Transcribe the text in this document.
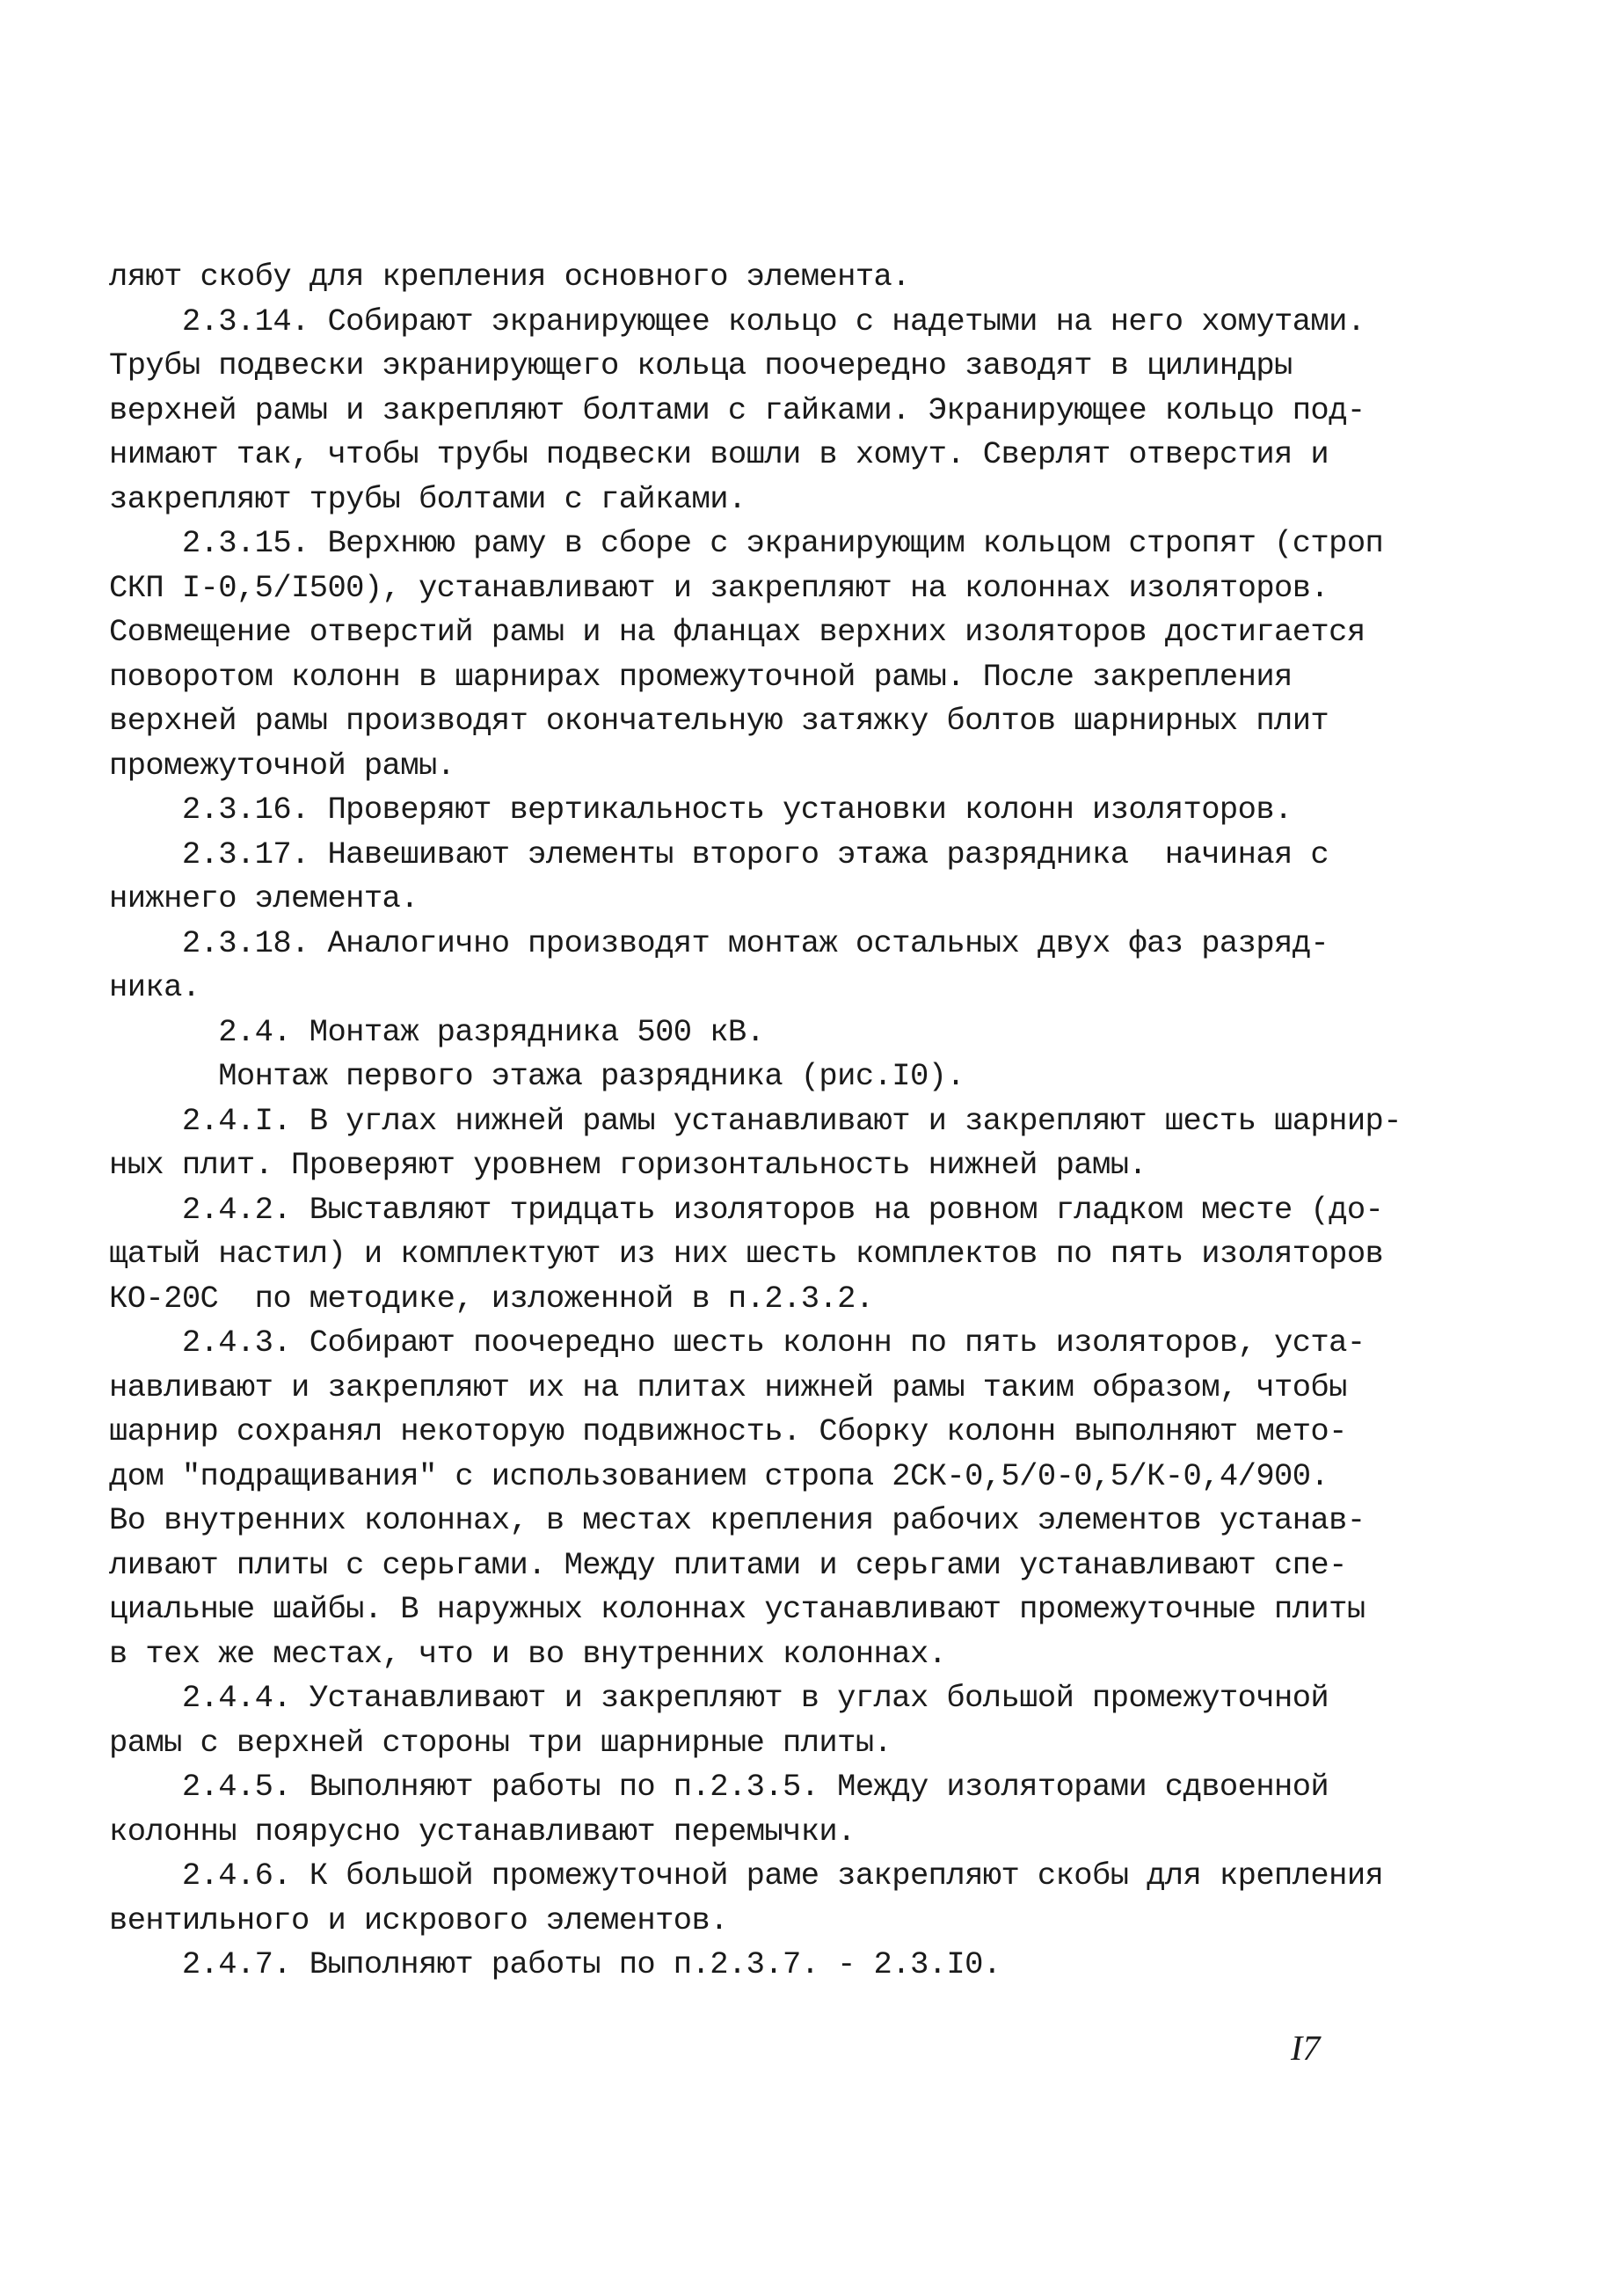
ляют скобу для крепления основного элемента.
2.3.14. Собирают экранирующее кольцо с надетыми на него хомутами.
Трубы подвески экранирующего кольца поочередно заводят в цилиндры
верхней рамы и закрепляют болтами с гайками. Экранирующее кольцо под-
нимают так, чтобы трубы подвески вошли в хомут. Сверлят отверстия и
закрепляют трубы болтами с гайками.
2.3.15. Верхнюю раму в сборе с экранирующим кольцом стропят (строп
СКП I-0,5/I500), устанавливают и закрепляют на колоннах изоляторов.
Совмещение отверстий рамы и на фланцах верхних изоляторов достигается
поворотом колонн в шарнирах промежуточной рамы. После закрепления
верхней рамы производят окончательную затяжку болтов шарнирных плит
промежуточной рамы.
2.3.16. Проверяют вертикальность установки колонн изоляторов.
2.3.17. Навешивают элементы второго этажа разрядника  начиная с
нижнего элемента.
2.3.18. Аналогично производят монтаж остальных двух фаз разряд-
ника.
2.4. Монтаж разрядника 500 кВ.
Монтаж первого этажа разрядника (рис.I0).
2.4.I. В углах нижней рамы устанавливают и закрепляют шесть шарнир-
ных плит. Проверяют уровнем горизонтальность нижней рамы.
2.4.2. Выставляют тридцать изоляторов на ровном гладком месте (до-
щатый настил) и комплектуют из них шесть комплектов по пять изоляторов
КО-20С  по методике, изложенной в п.2.3.2.
2.4.3. Собирают поочередно шесть колонн по пять изоляторов, уста-
навливают и закрепляют их на плитах нижней рамы таким образом, чтобы
шарнир сохранял некоторую подвижность. Сборку колонн выполняют мето-
дом "подращивания" с использованием стропа 2СК-0,5/0-0,5/К-0,4/900.
Во внутренних колоннах, в местах крепления рабочих элементов устанав-
ливают плиты с серьгами. Между плитами и серьгами устанавливают спе-
циальные шайбы. В наружных колоннах устанавливают промежуточные плиты
в тех же местах, что и во внутренних колоннах.
2.4.4. Устанавливают и закрепляют в углах большой промежуточной
рамы с верхней стороны три шарнирные плиты.
2.4.5. Выполняют работы по п.2.3.5. Между изоляторами сдвоенной
колонны поярусно устанавливают перемычки.
2.4.6. К большой промежуточной раме закрепляют скобы для крепления
вентильного и искрового элементов.
2.4.7. Выполняют работы по п.2.3.7. - 2.3.I0.
I7
